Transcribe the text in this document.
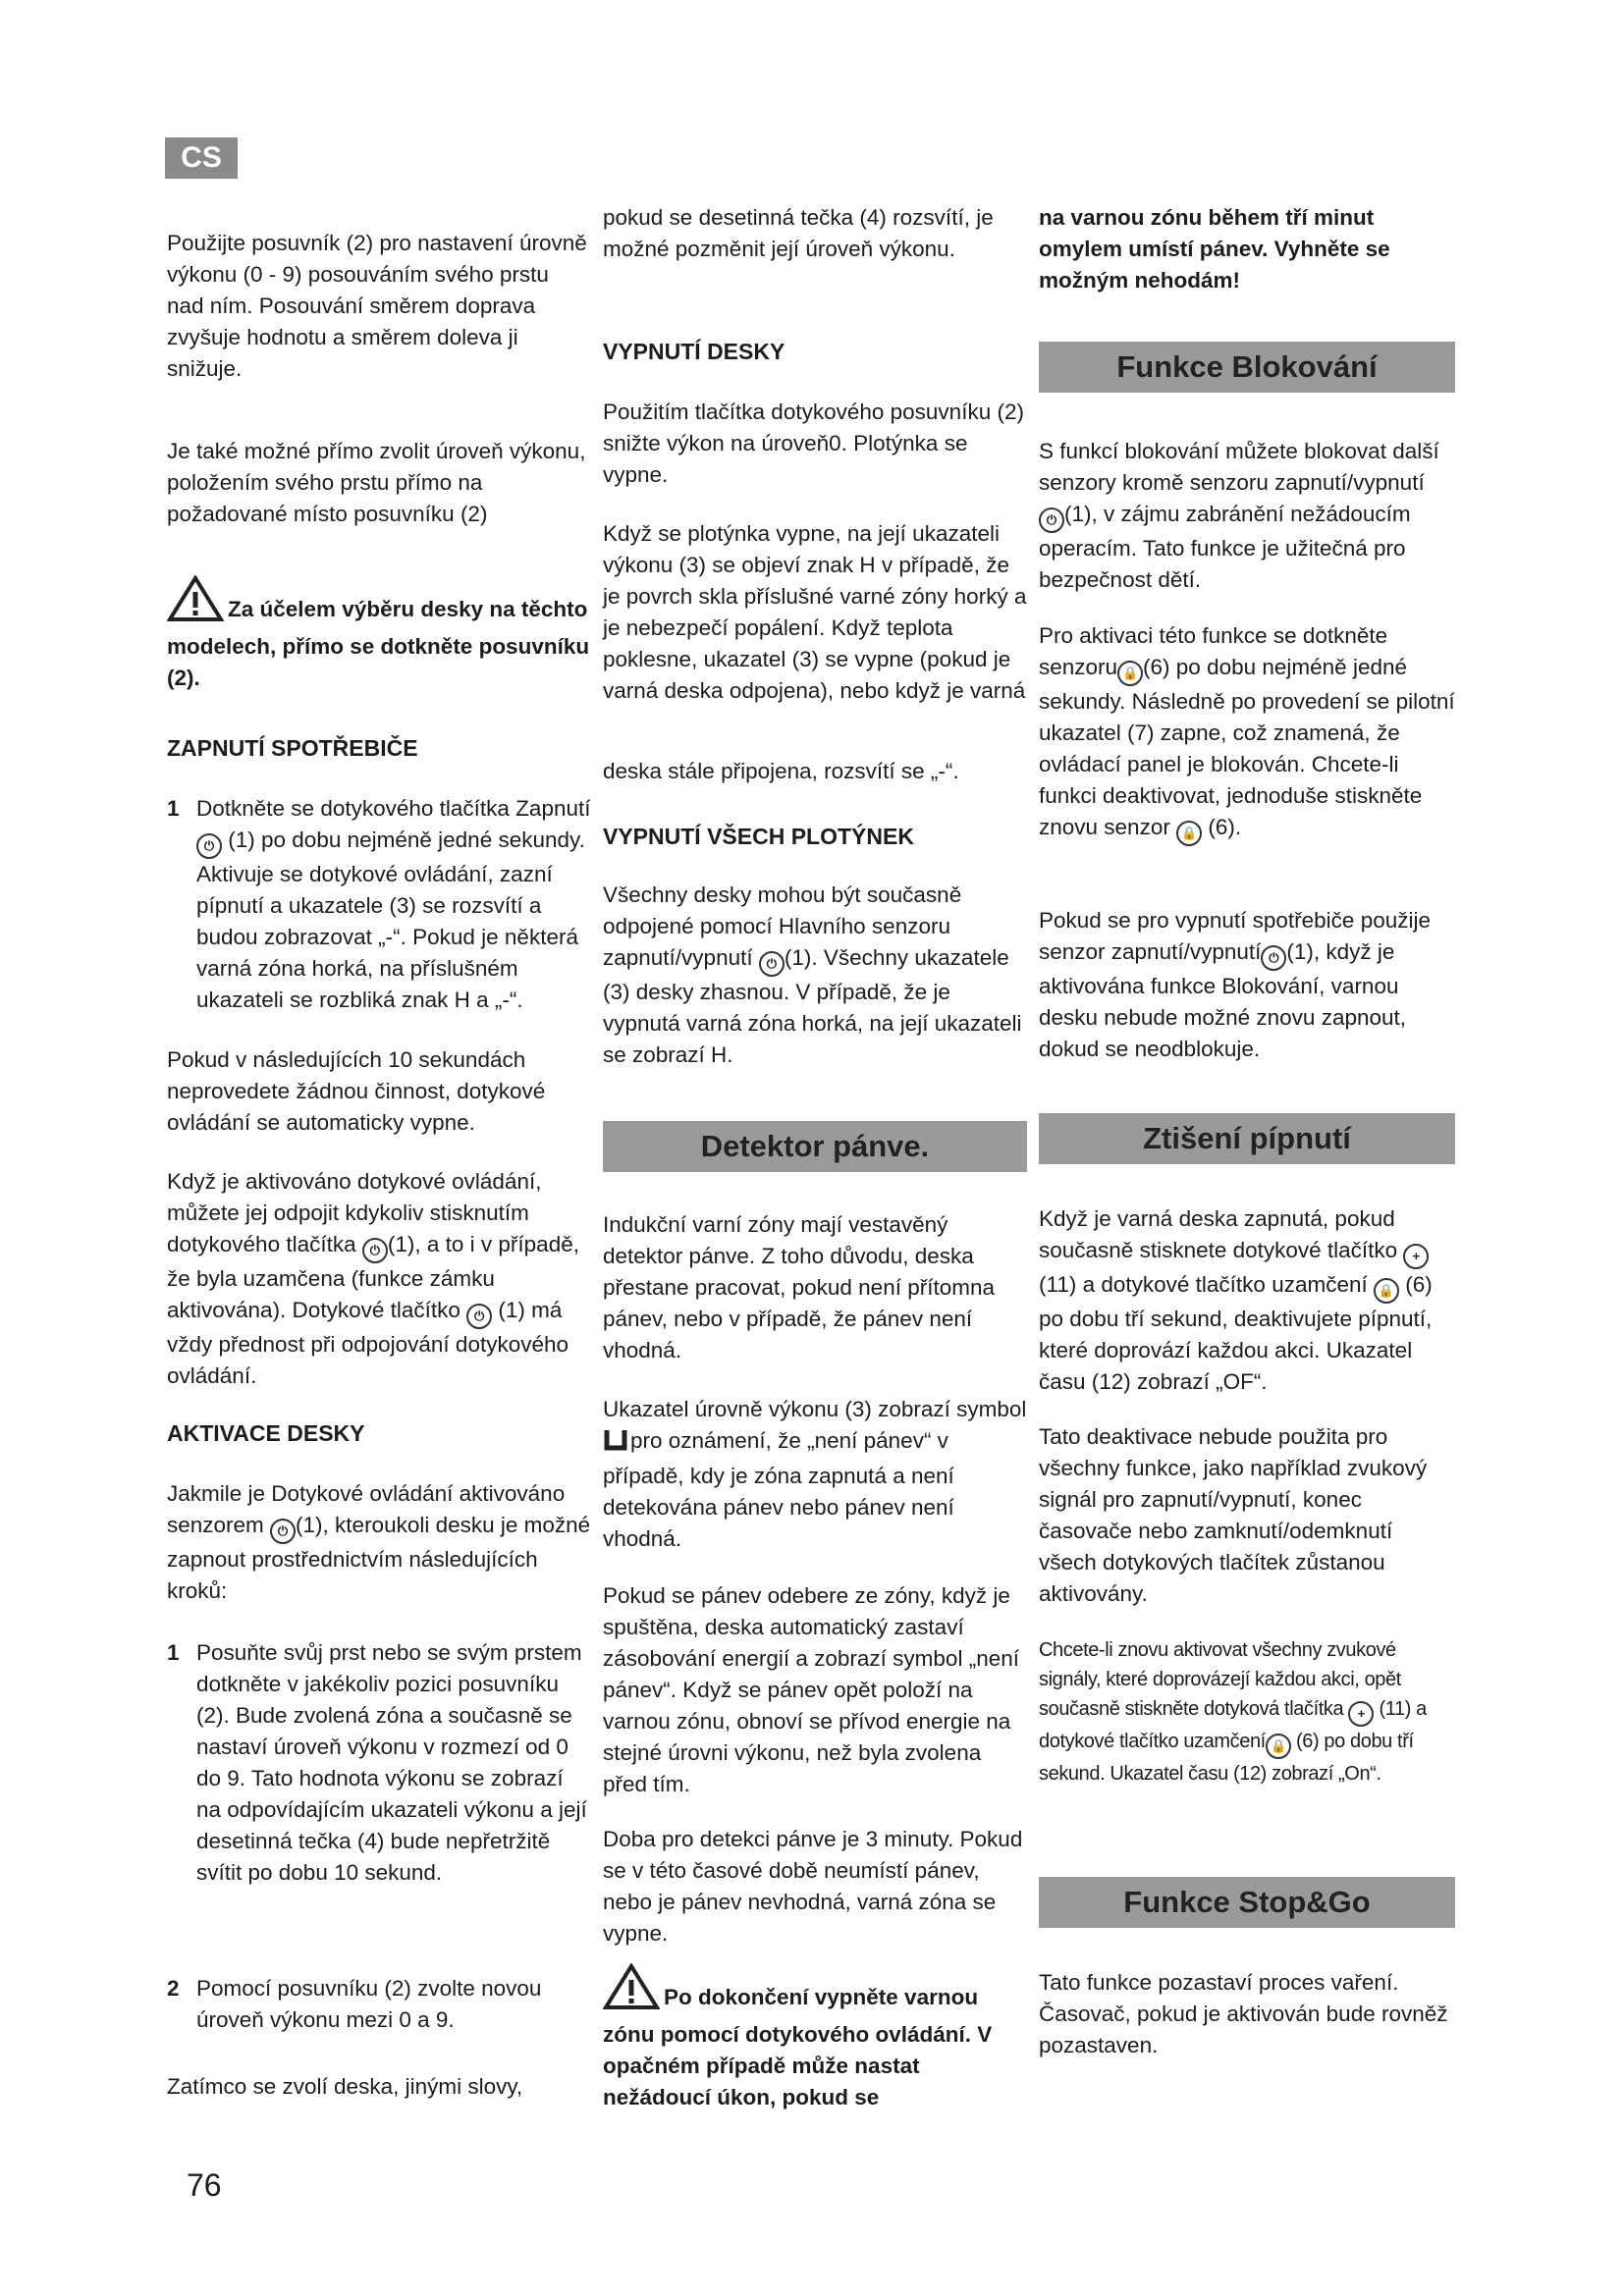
CS

Použijte posuvník (2) pro nastavení úrovně výkonu (0 - 9) posouváním svého prstu nad ním. Posouvání směrem doprava zvyšuje hodnotu a směrem doleva ji snižuje.

Je také možné přímo zvolit úroveň výkonu, položením svého prstu přímo na požadované místo posuvníku (2)

Za účelem výběru desky na těchto modelech, přímo se dotkněte posuvníku (2).
ZAPNUTÍ SPOTŘEBIČE
1 Dotkněte se dotykového tlačítka Zapnutí ⏻ (1) po dobu nejméně jedné sekundy. Aktivuje se dotykové ovládání, zazní pípnutí a ukazatele (3) se rozsvítí a budou zobrazovat „-“. Pokud je některá varná zóna horká, na příslušném ukazateli se rozbliká znak H a „-“.

Pokud v následujících 10 sekundách neprovedete žádnou činnost, dotykové ovládání se automaticky vypne.

Když je aktivováno dotykové ovládání, můžete jej odpojit kdykoliv stisknutím dotykového tlačítka ⏻ (1), a to i v případě, že byla uzamčena (funkce zámku aktivována). Dotykové tlačítko ⏻ (1) má vždy přednost při odpojování dotykového ovládání.

AKTIVACE DESKY

Jakmile je Dotykové ovládání aktivováno senzorem ⏻ (1), kteroukoli desku je možné zapnout prostřednictvím následujících kroků:

1 Posuňte svůj prst nebo se svým prstem dotkněte v jakékoliv pozici posuvníku (2). Bude zvolená zóna a současně se nastaví úroveň výkonu v rozmezí od 0 do 9. Tato hodnota výkonu se zobrazí na odpovídajícím ukazateli výkonu a její desetinná tečka (4) bude nepřetržitě svítit po dobu 10 sekund.

2 Pomocí posuvníku (2) zvolte novou úroveň výkonu mezi 0 a 9.

Zatímco se zvolí deska, jinými slovy,

pokud se desetinná tečka (4) rozsvítí, je možné pozměnit její úroveň výkonu.

VYPNUTÍ DESKY

Použitím tlačítka dotykového posuvníku (2) snižte výkon na úroveň0. Plotýnka se vypne.

Když se plotýnka vypne, na její ukazateli výkonu (3) se objeví znak H v případě, že je povrch skla příslušné varné zóny horký a je nebezpečí popálení. Když teplota poklesne, ukazatel (3) se vypne (pokud je varná deska odpojena), nebo když je varná

deska stále připojena, rozsvítí se „-“.

VYPNUTÍ VŠECH PLOTÝNEK

Všechny desky mohou být současně odpojené pomocí Hlavního senzoru zapnutí/vypnutí ⏻ (1). Všechny ukazatele (3) desky zhasnou. V případě, že je vypnutá varná zóna horká, na její ukazateli se zobrazí H.

Detektor pánve.

Indukční varní zóny mají vestavěný detektor pánve. Z toho důvodu, deska přestane pracovat, pokud není přítomna pánev, nebo v případě, že pánev není vhodná.

Ukazatel úrovně výkonu (3) zobrazí symbol pro oznámení, že „není pánev“ v případě, kdy je zóna zapnutá a není detekována pánev nebo pánev není vhodná.

Pokud se pánev odebere ze zóny, když je spuštěna, deska automatický zastaví zásobování energií a zobrazí symbol „není pánev“. Když se pánev opět položí na varnou zónu, obnoví se přívod energie na stejné úrovni výkonu, než byla zvolena před tím.

Doba pro detekci pánve je 3 minuty. Pokud se v této časové době neumístí pánev, nebo je pánev nevhodná, varná zóna se vypne.

Po dokončení vypněte varnou zónu pomocí dotykového ovládání. V opačném případě může nastat nežádoucí úkon, pokud se

na varnou zónu během tří minut omylem umístí pánev. Vyhněte se možným nehodám!

Funkce Blokování

S funkcí blokování můžete blokovat další senzory kromě senzoru zapnutí/vypnutí ⏻ (1), v zájmu zabránění nežádoucím operacím. Tato funkce je užitečná pro bezpečnost dětí.

Pro aktivaci této funkce se dotkněte senzoru 🔒 (6) po dobu nejméně jedné sekundy. Následně po provedení se pilotní ukazatel (7) zapne, což znamená, že ovládací panel je blokován. Chcete-li funkci deaktivovat, jednoduše stiskněte znovu senzor 🔒 (6).

Pokud se pro vypnutí spotřebiče použije senzor zapnutí/vypnutí ⏻ (1), když je aktivována funkce Blokování, varnou desku nebude možné znovu zapnout, dokud se neodblokuje.

Ztišení pípnutí

Když je varná deska zapnutá, pokud současně stisknete dotykové tlačítko + (11) a dotykové tlačítko uzamčení 🔒 (6) po dobu tří sekund, deaktivujete pípnutí, které doprovází každou akci. Ukazatel času (12) zobrazí „OF“.

Tato deaktivace nebude použita pro všechny funkce, jako například zvukový signál pro zapnutí/vypnutí, konec časovače nebo zamknutí/odemknutí všech dotykových tlačítek zůstanou aktivovány.

Chcete-li znovu aktivovat všechny zvukové signály, které doprovázejí každou akci, opět současně stiskněte dotyková tlačítka + (11) a dotykové tlačítko uzamčení 🔒 (6) po dobu tří sekund. Ukazatel času (12) zobrazí „On“.

Funkce Stop&Go

Tato funkce pozastaví proces vaření. Časovač, pokud je aktivován bude rovněž pozastaven.

76
